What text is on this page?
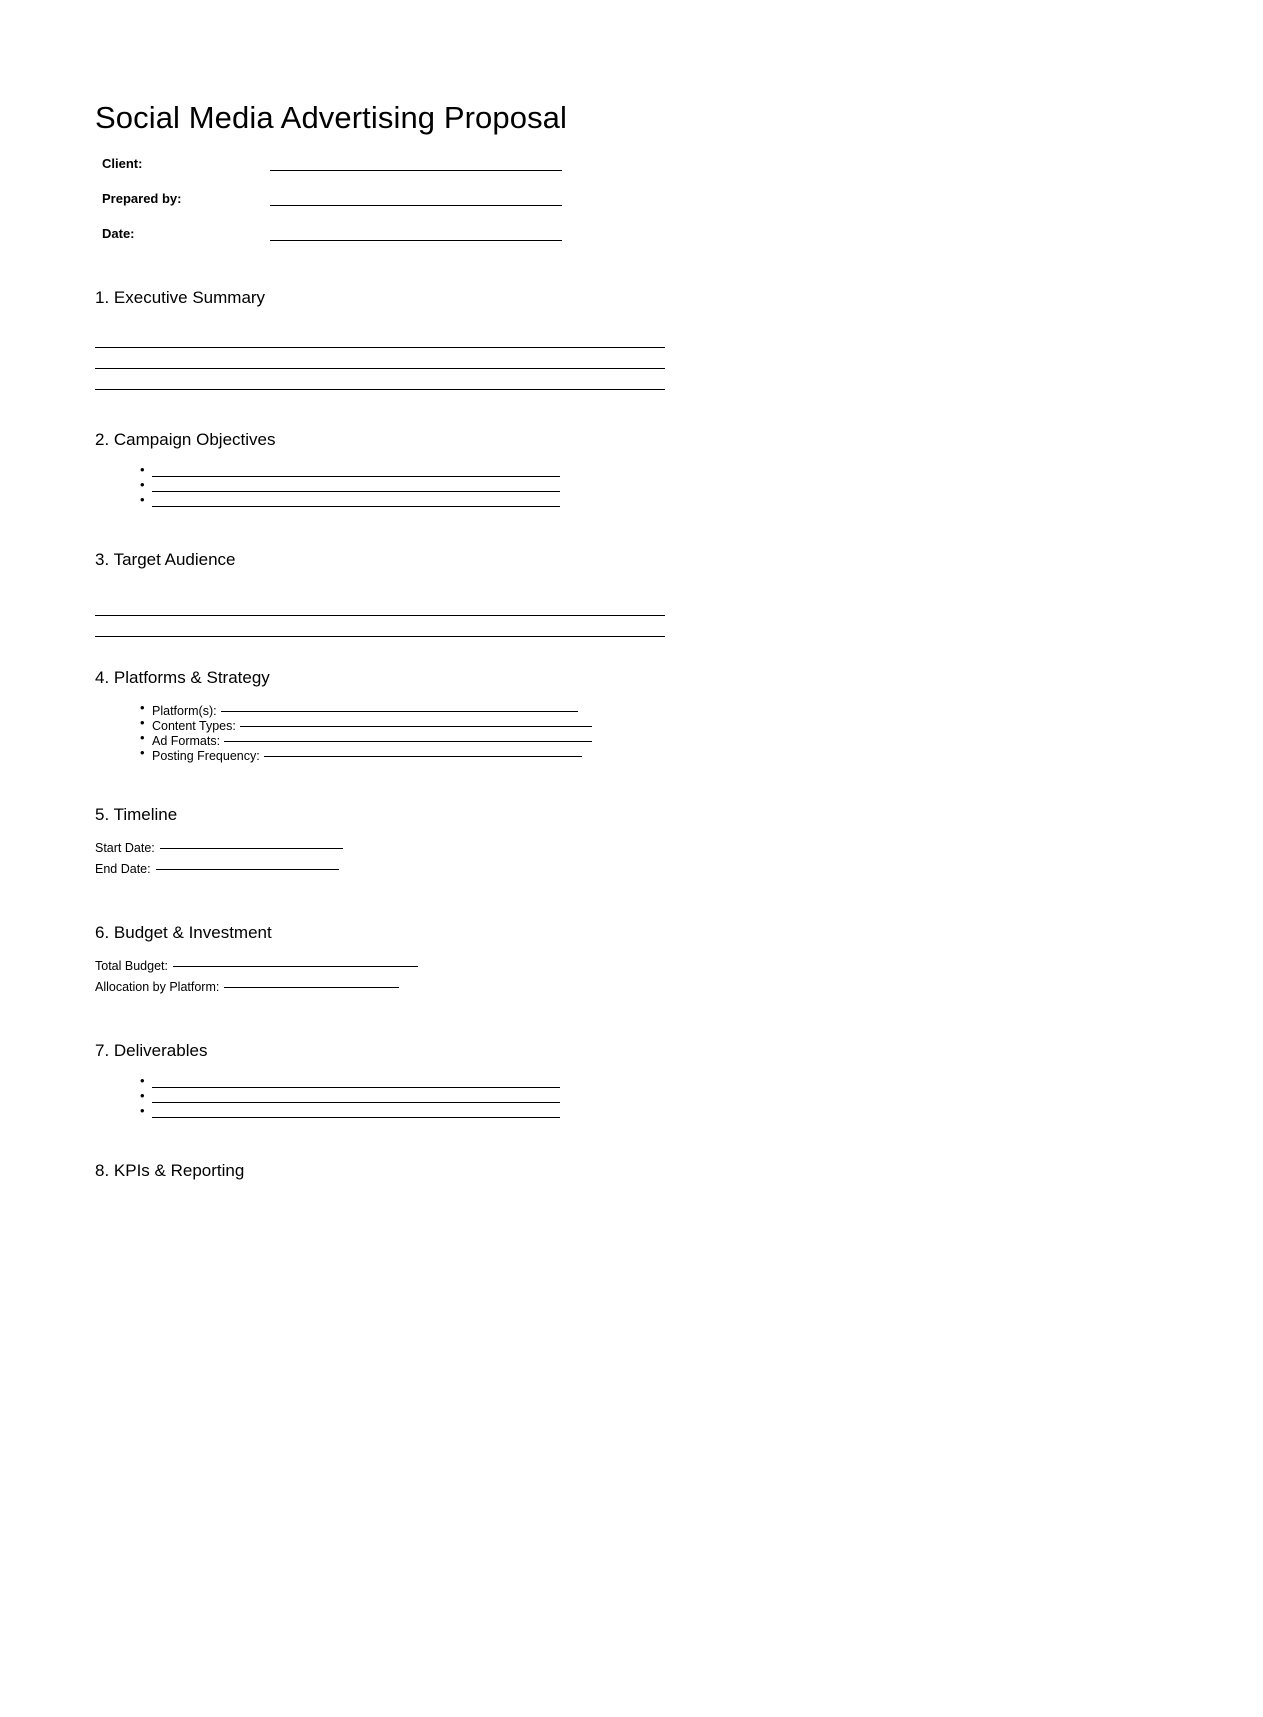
Social Media Advertising Proposal
Client:
Prepared by:
Date:
1. Executive Summary
2. Campaign Objectives
•
•
•
3. Target Audience
4. Platforms & Strategy
• Platform(s):
• Content Types:
• Ad Formats:
• Posting Frequency:
5. Timeline
Start Date:
End Date:
6. Budget & Investment
Total Budget:
Allocation by Platform:
7. Deliverables
•
•
•
8. KPIs & Reporting
